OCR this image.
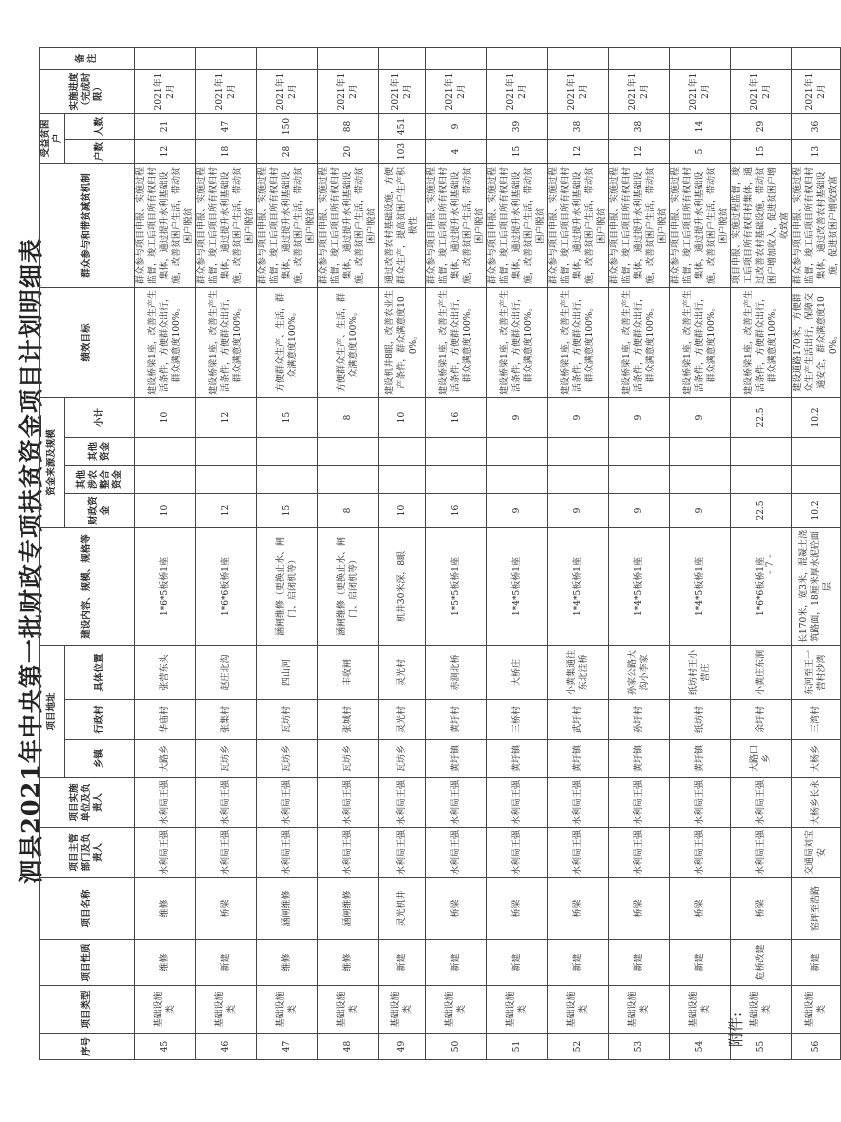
泗县2021年中央第一批财政专项扶贫资金项目计划明细表
序号	项目类型	项目性质	项目名称	项目主管部门及负责人	项目实施单位及负责人	项目地址			建设内容、规模、规格等	资金来源及规模				绩效目标	群众参与和带贫减贫机制	受益贫困户		实施进度（完成时限）	备注
						乡镇	行政村	具体位置		财政资金	其他涉农整合资金	其他资金	小计			户数	人数		

45	基础设施类	维修	维修	水利局王强	水利局王强	大路乡	华庙村	张营东头	1*6*5板桥1座	10			10	建设桥梁1座，改善生产生活条件，方便群众出行，群众满意度100%。	群众参与项目申报、实施过程监督，竣工后项目所有权归村集体，通过提升水利基础设施，改善贫困户生活，带动贫困户脱贫	12	21	2021年12月	
46	基础设施类	新建	桥梁	水利局王强	水利局王强	瓦坊乡	张集村	赵庄北沟	1*6*6板桥1座	12			12	建设桥梁1座，改善生产生活条件，方便群众出行，群众满意度100%。	群众参与项目申报、实施过程监督，竣工后项目所有权归村集体，通过提升水利基础设施，改善贫困户生活，带动贫困户脱贫	18	47	2021年12月	
47	基础设施类	维修	涵闸维修	水利局王强	水利局王强	瓦坊乡	瓦坊村	四山河	涵闸维修（更换止水、闸门、启闭机等）	15			15	方便群众生产、生活，群众满意度100%。	群众参与项目申报、实施过程监督，竣工后项目所有权归村集体，通过提升水利基础设施，改善贫困户生活，带动贫困户脱贫	28	150	2021年12月	
48	基础设施类	维修	涵闸维修	水利局王强	水利局王强	瓦坊乡	张城村	丰收闸	涵闸维修（更换止水、闸门、启闭机等）	8			8	方便群众生产、生活，群众满意度100%。	群众参与项目申报、实施过程监督，竣工后项目所有权归村集体，通过提升水利基础设施，改善贫困户生活，带动贫困户脱贫	20	88	2021年12月	
49	基础设施类	新建	灵光机井	水利局王强	水利局王强	瓦坊乡	灵光村	灵光村	机井30米深，8眼	10			10	建设机井8眼，改善农业生产条件，群众满意度100%。	通过改善农村基础设施，方便群众生产，提高贫困户生产积极性	103	451	2021年12月	
50	基础设施类	新建	桥梁	水利局王强	水利局王强	黄圩镇	黄圩村	赤涧北桥	1*5*5板桥1座	16			16	建设桥梁1座，改善生产生活条件，方便群众出行，群众满意度100%。	群众参与项目申报、实施过程监督，竣工后项目所有权归村集体，通过提升水利基础设施，改善贫困户生活，带动贫困户脱贫	4	9	2021年12月	
51	基础设施类	新建	桥梁	水利局王强	水利局王强	黄圩镇	三桥村	大桥庄	1*4*5板桥1座	9			9	建设桥梁1座，改善生产生活条件，方便群众出行，群众满意度100%。	群众参与项目申报、实施过程监督，竣工后项目所有权归村集体，通过提升水利基础设施，改善贫困户生活，带动贫困户脱贫	15	39	2021年12月	
52	基础设施类	新建	桥梁	水利局王强	水利局王强	黄圩镇	武圩村	小黄集通往东北洼桥	1*4*5板桥1座	9			9	建设桥梁1座，改善生产生活条件，方便群众出行，群众满意度100%。	群众参与项目申报、实施过程监督，竣工后项目所有权归村集体，通过提升水利基础设施，改善贫困户生活，带动贫困户脱贫	12	38	2021年12月	
53	基础设施类	新建	桥梁	水利局王强	水利局王强	黄圩镇	孙圩村	孙家公路大沟小李家	1*4*5板桥1座	9			9	建设桥梁1座，改善生产生活条件，方便群众出行，群众满意度100%。	群众参与项目申报、实施过程监督，竣工后项目所有权归村集体，通过提升水利基础设施，改善贫困户生活，带动贫困户脱贫	12	38	2021年12月	
54	基础设施类	新建	桥梁	水利局王强	水利局王强	黄圩镇	纸坊村	纸坊村王小营庄	1*4*5板桥1座	9			9	建设桥梁1座，改善生产生活条件，方便群众出行，群众满意度100%。	群众参与项目申报、实施过程监督，竣工后项目所有权归村集体，通过提升水利基础设施，改善贫困户生活，带动贫困户脱贫	5	14	2021年12月	
55	基础设施类	危桥改建	桥梁	水利局王强	水利局王强	大路口乡	余圩村	小黄庄东涧	1*6*6板桥1座	22.5			22.5	建设桥梁1座，改善生产生活条件，方便群众出行，群众满意度100%。	项目申报、实施过程监督，竣工后项目所有权归村集体，通过改善农村基础设施，带动贫困户增加收入，促进贫困户增收致富	15	29	2021年12月	
56	基础设施类	新建	窑坪至浩路	交通局刘宝安	大杨乡长永	大杨乡	三湾村	东河至王一营村沙湾	长170米，宽3米，混凝土浇筑路面，18厘米厚水泥砼面层	10.2			10.2	建设道路170米，方便群众生产生活出行，保障交通安全，群众满意度100%。	群众参与项目申报、实施过程监督，竣工后项目所有权归村集体，通过改善农村基础设施，促进贫困户增收致富	13	36	2021年12月	
附件:
- 7 -
